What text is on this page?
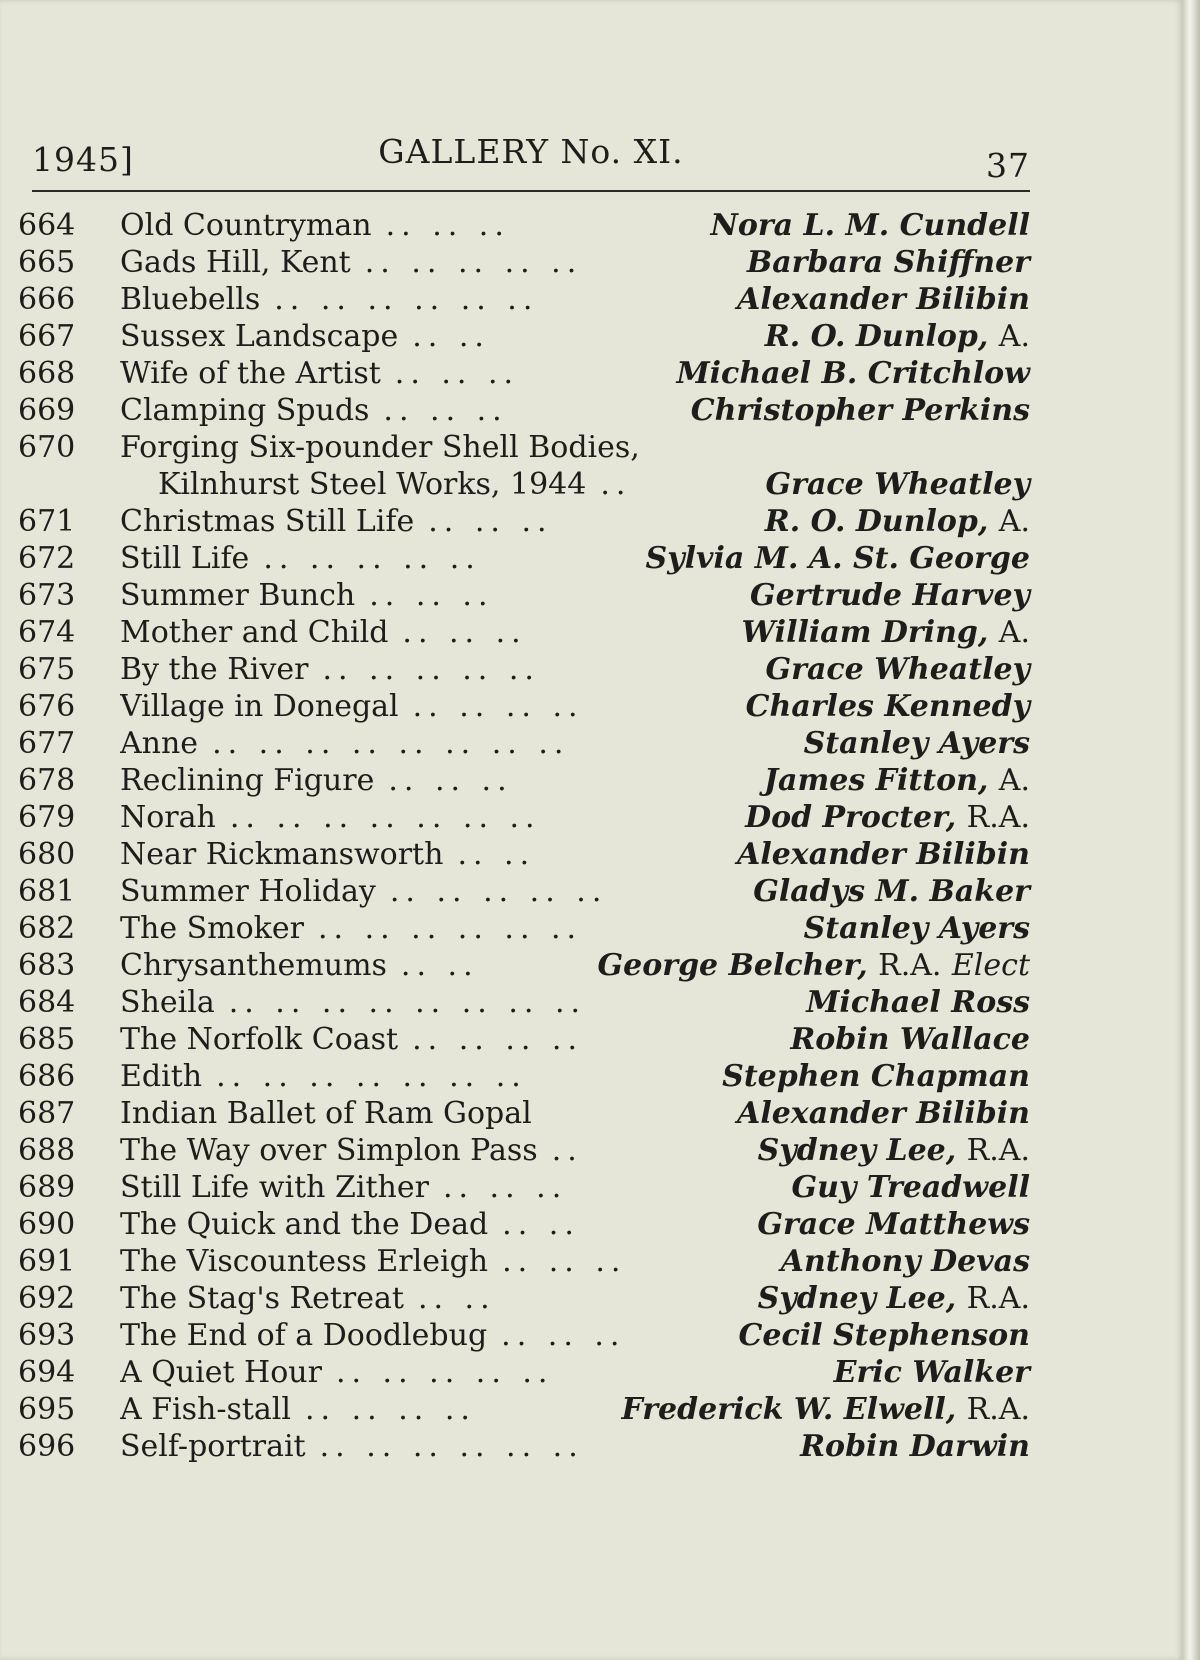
1945]	GALLERY No. XI.	37
664	Old Countryman .. .. ..	Nora L. M. Cundell
665	Gads Hill, Kent .. .. .. .. ..	Barbara Shiffner
666	Bluebells .. .. .. .. .. ..	Alexander Bilibin
667	Sussex Landscape .. ..	R. O. Dunlop, A.
668	Wife of the Artist .. .. ..	Michael B. Critchlow
669	Clamping Spuds .. .. ..	Christopher Perkins
670	Forging Six-pounder Shell Bodies,
Kilnhurst Steel Works, 1944 ..	Grace Wheatley
671	Christmas Still Life .. .. ..	R. O. Dunlop, A.
672	Still Life .. .. .. .. ..	Sylvia M. A. St. George
673	Summer Bunch .. .. ..	Gertrude Harvey
674	Mother and Child .. .. ..	William Dring, A.
675	By the River .. .. .. .. ..	Grace Wheatley
676	Village in Donegal .. .. .. ..	Charles Kennedy
677	Anne .. .. .. .. .. .. .. ..	Stanley Ayers
678	Reclining Figure .. .. ..	James Fitton, A.
679	Norah .. .. .. .. .. .. ..	Dod Procter, R.A.
680	Near Rickmansworth .. ..	Alexander Bilibin
681	Summer Holiday .. .. .. .. ..	Gladys M. Baker
682	The Smoker .. .. .. .. .. ..	Stanley Ayers
683	Chrysanthemums .. ..	George Belcher, R.A. Elect
684	Sheila .. .. .. .. .. .. .. ..	Michael Ross
685	The Norfolk Coast .. .. .. ..	Robin Wallace
686	Edith .. .. .. .. .. .. ..	Stephen Chapman
687	Indian Ballet of Ram Gopal	Alexander Bilibin
688	The Way over Simplon Pass ..	Sydney Lee, R.A.
689	Still Life with Zither .. .. ..	Guy Treadwell
690	The Quick and the Dead .. ..	Grace Matthews
691	The Viscountess Erleigh .. .. ..	Anthony Devas
692	The Stag's Retreat .. ..	Sydney Lee, R.A.
693	The End of a Doodlebug .. .. ..	Cecil Stephenson
694	A Quiet Hour .. .. .. .. ..	Eric Walker
695	A Fish-stall .. .. .. ..	Frederick W. Elwell, R.A.
696	Self-portrait .. .. .. .. .. ..	Robin Darwin
